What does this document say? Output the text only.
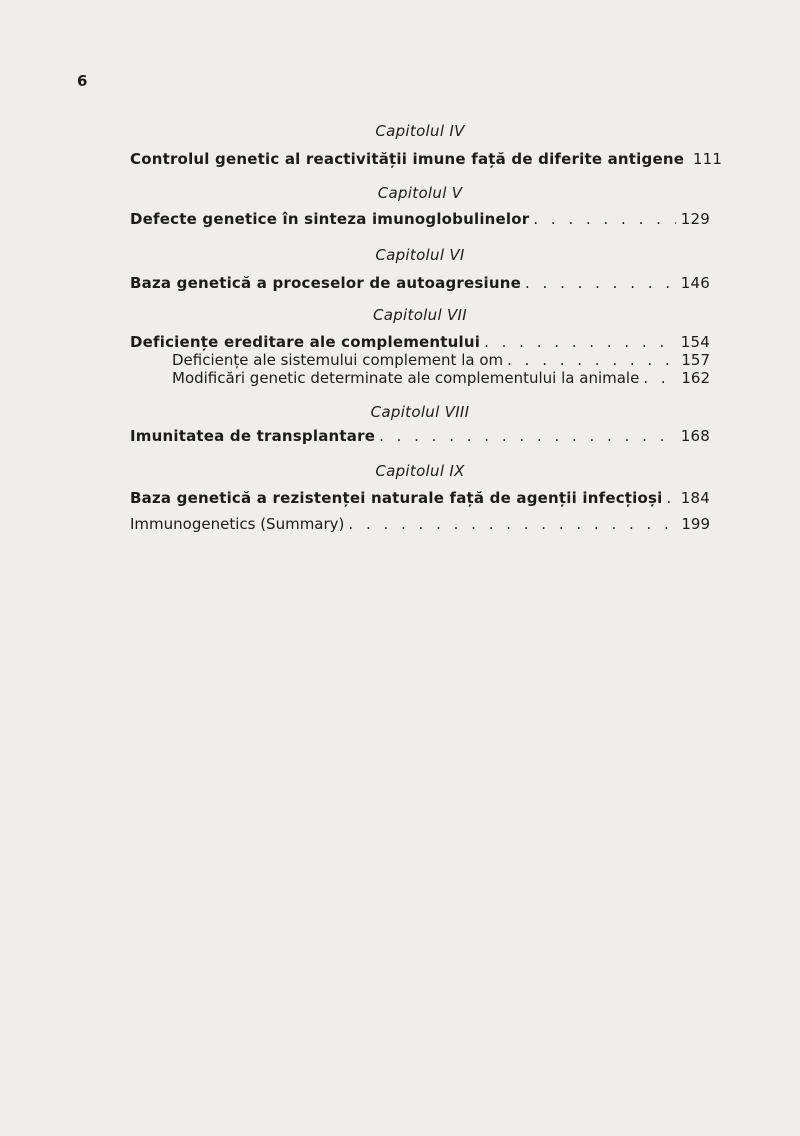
6
Capitolul IV
Controlul genetic al reactivității imune față de diferite antigene 111
Capitolul V
Defecte genetice în sinteza imunoglobulinelor . . .	129
Capitolul VI
Baza genetică a proceselor de autoagresiune . . .	146
Capitolul VII
Deficiențe ereditare ale complementului . . .	154
Deficiențe ale sistemului complement la om . . .	157
Modificări genetic determinate ale complementului la animale . . .	162
Capitolul VIII
Imunitatea de transplantare . . .	168
Capitolul IX
Baza genetică a rezistenței naturale față de agenții infecțioși . . .	184
Immunogenetics (Summary) . . .	199
